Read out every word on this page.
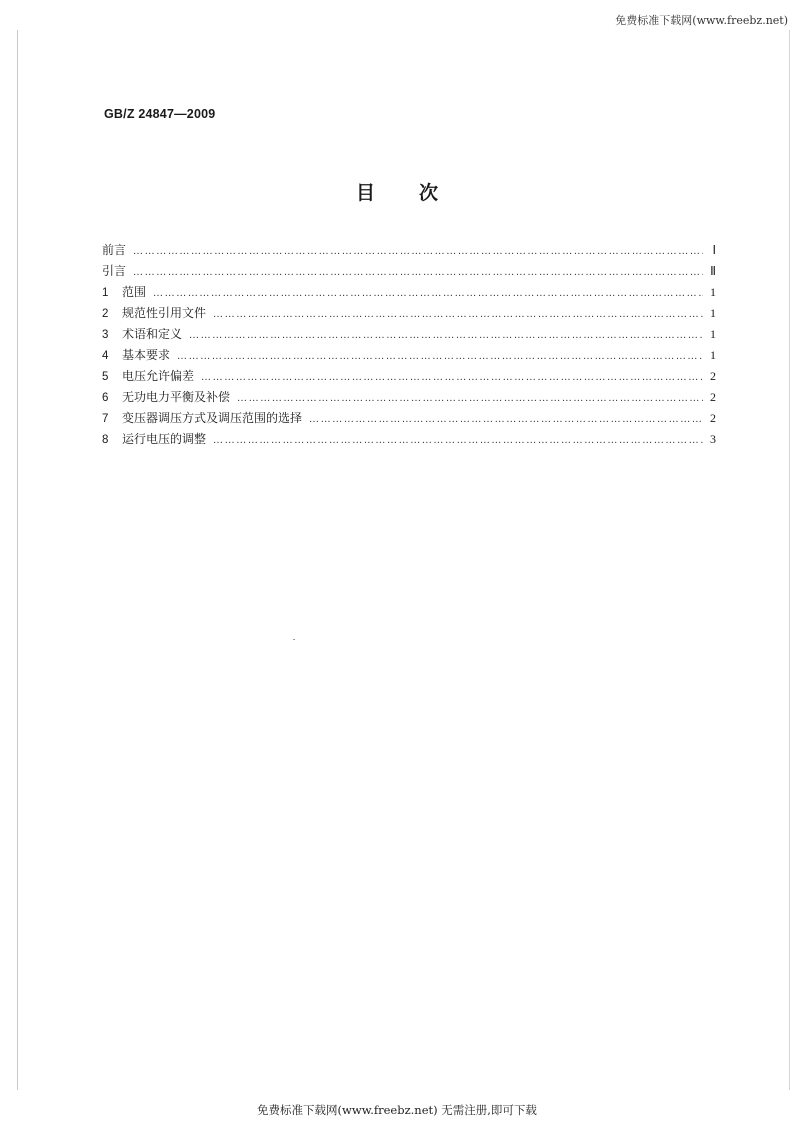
免费标准下载网(www.freebz.net)
GB/Z 24847—2009
目 次
前言 …………………………………………………………………………………………………………………………………………………………………………………………	Ⅰ
引言 …………………………………………………………………………………………………………………………………………………………………………………………	Ⅱ
1	范围 …………………………………………………………………………………………………………………………………………………………………………………………	1
2	规范性引用文件 …………………………………………………………………………………………………………………………………………………………………………………………	1
3	术语和定义 …………………………………………………………………………………………………………………………………………………………………………………………	1
4	基本要求 …………………………………………………………………………………………………………………………………………………………………………………………	1
5	电压允许偏差 …………………………………………………………………………………………………………………………………………………………………………………………	2
6	无功电力平衡及补偿 …………………………………………………………………………………………………………………………………………………………………………………………	2
7	变压器调压方式及调压范围的选择 …………………………………………………………………………………………………………………………………………………………………………………………	2
8	运行电压的调整 …………………………………………………………………………………………………………………………………………………………………………………………	3
免费标准下载网(www.freebz.net) 无需注册,即可下载
